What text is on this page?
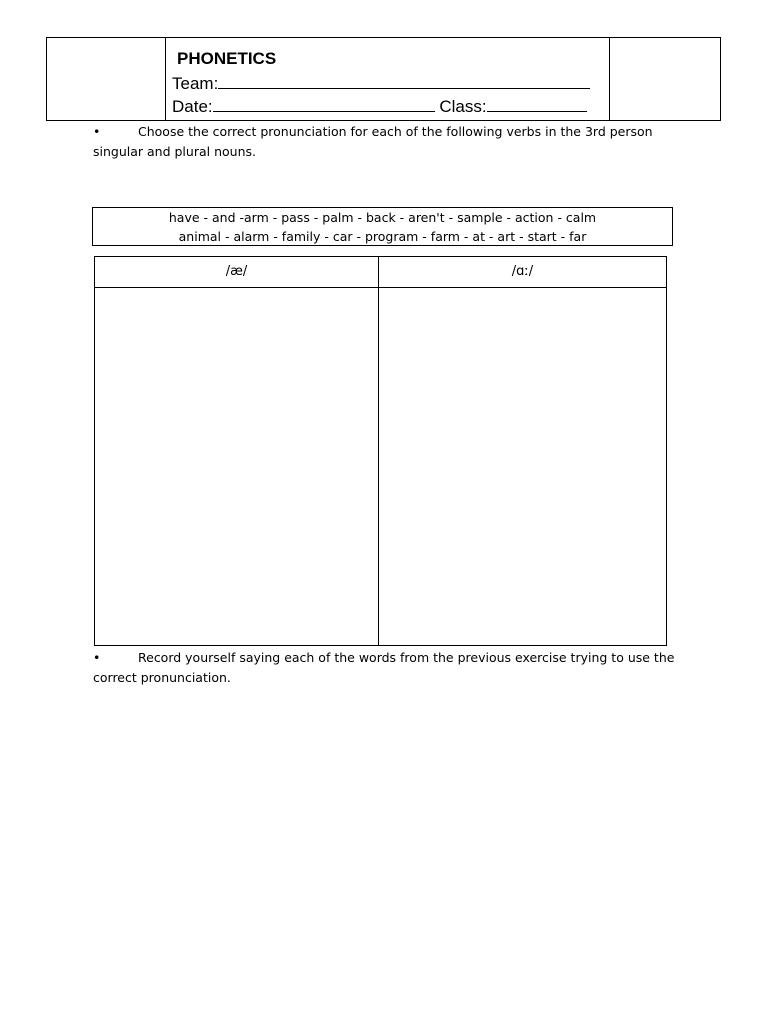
PHONETICS
Team:
Date:	Class:
•	Choose the correct pronunciation for each of the following verbs in the 3rd person singular and plural nouns.
have - and -arm - pass - palm - back - aren't - sample - action - calm
animal - alarm - family - car - program - farm - at - art - start - far
/æ/	/ɑː/
•	Record yourself saying each of the words from the previous exercise trying to use the correct pronunciation.
